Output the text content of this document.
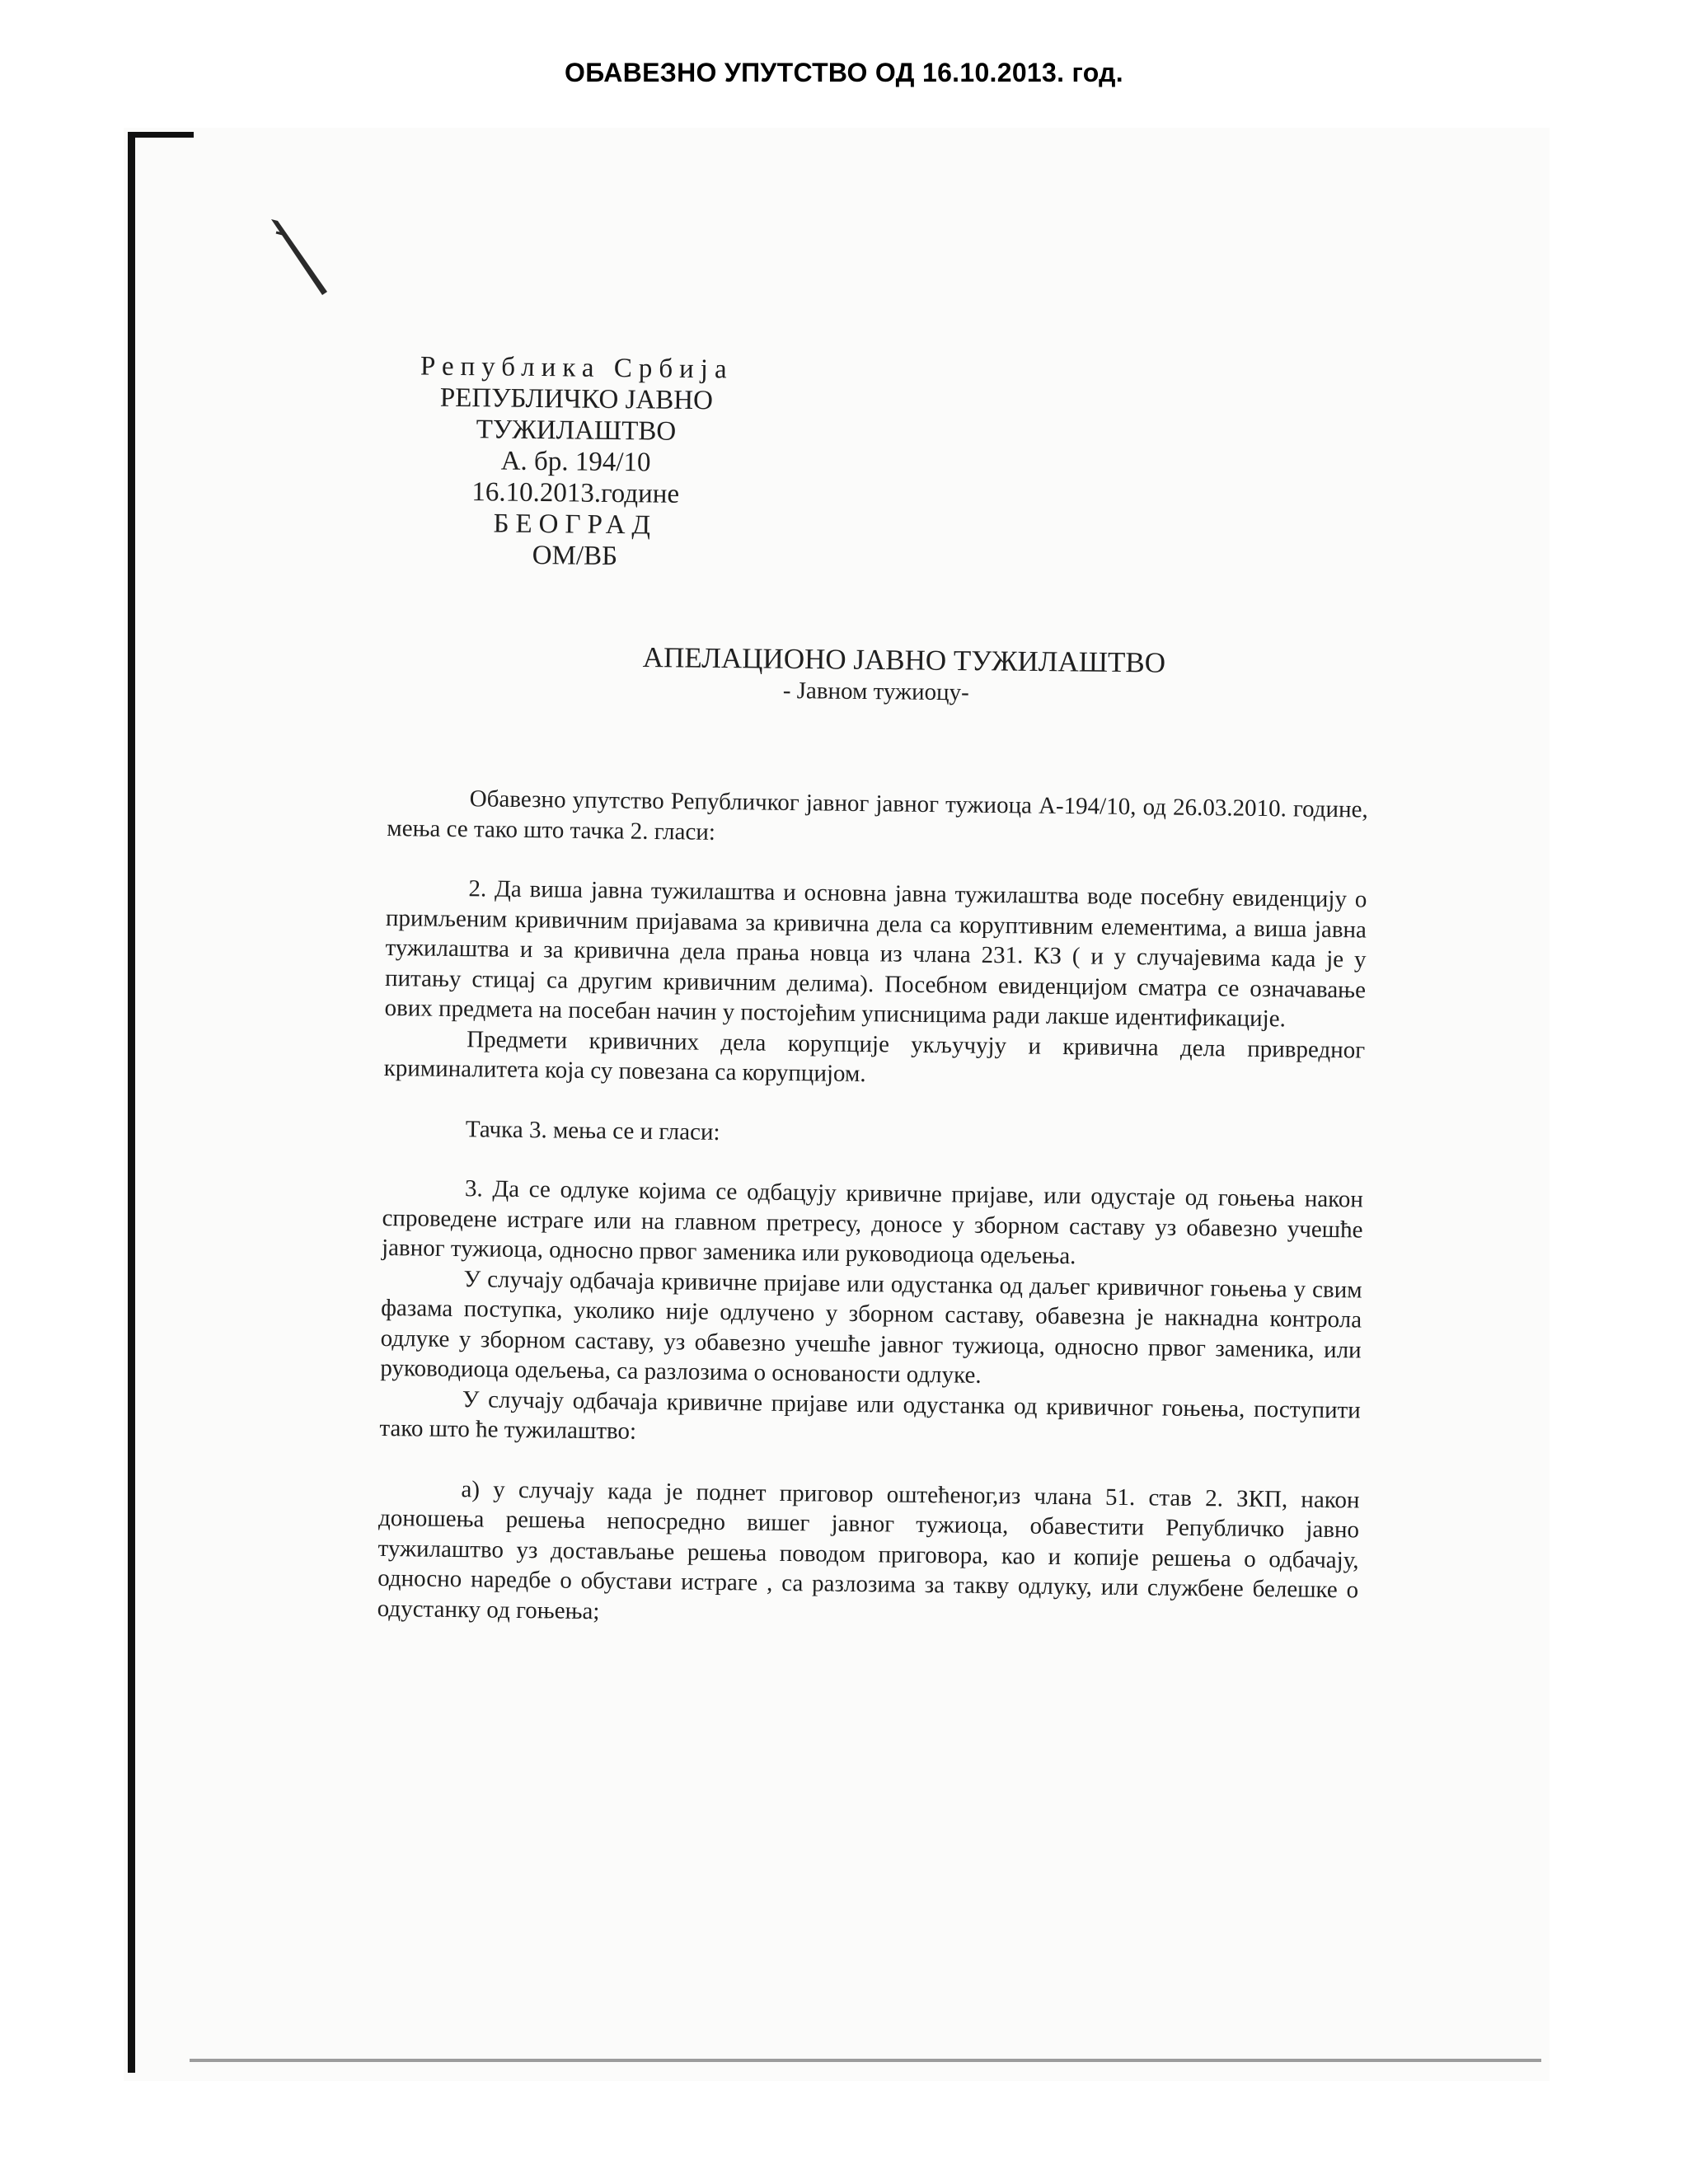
ОБАВЕЗНО УПУТСТВО ОД 16.10.2013. год.
Република Србија
РЕПУБЛИЧКО ЈАВНО
ТУЖИЛАШТВО
А. бр. 194/10
16.10.2013.године
БЕОГРАД
ОМ/ВБ
АПЕЛАЦИОНО ЈАВНО ТУЖИЛАШТВО
- Јавном тужиоцу-

Обавезно упутство Републичког јавног јавног тужиоца А-194/10, од 26.03.2010. године, мења се тако што тачка 2. гласи:

2. Да виша јавна тужилаштва и основна јавна тужилаштва воде посебну евиденцију о примљеним кривичним пријавама за кривична дела са коруптивним елементима, а виша јавна тужилаштва и за кривична дела прања новца из члана 231. КЗ ( и у случајевима када је у питању стицај са другим кривичним делима). Посебном евиденцијом сматра се означавање ових предмета на посебан начин у постојећим уписницима ради лакше идентификације.

Предмети кривичних дела корупције укључују и кривична дела привредног криминалитета која су повезана са корупцијом.

Тачка 3. мења се и гласи:

3. Да се одлуке којима се одбацују кривичне пријаве, или одустаје од гоњења након спроведене истраге или на главном претресу, доносе у зборном саставу уз обавезно учешће јавног тужиоца, односно првог заменика или руководиоца одељења.

У случају одбачаја кривичне пријаве или одустанка од даљег кривичног гоњења у свим фазама поступка, уколико није одлучено у зборном саставу, обавезна је накнадна контрола одлуке у зборном саставу, уз обавезно учешће јавног тужиоца, односно првог заменика, или руководиоца одељења, са разлозима о основаности одлуке.

У случају одбачаја кривичне пријаве или одустанка од кривичног гоњења, поступити тако што ће тужилаштво:

а) у случају када је поднет приговор оштећеног,из члана 51. став 2. ЗКП, након доношења решења непосредно вишег јавног тужиоца, обавестити Републичко јавно тужилаштво уз достављање решења поводом приговора, као и копије решења о одбачају, односно наредбе о обустави истраге , са разлозима за такву одлуку, или службене белешке о одустанку од гоњења;
